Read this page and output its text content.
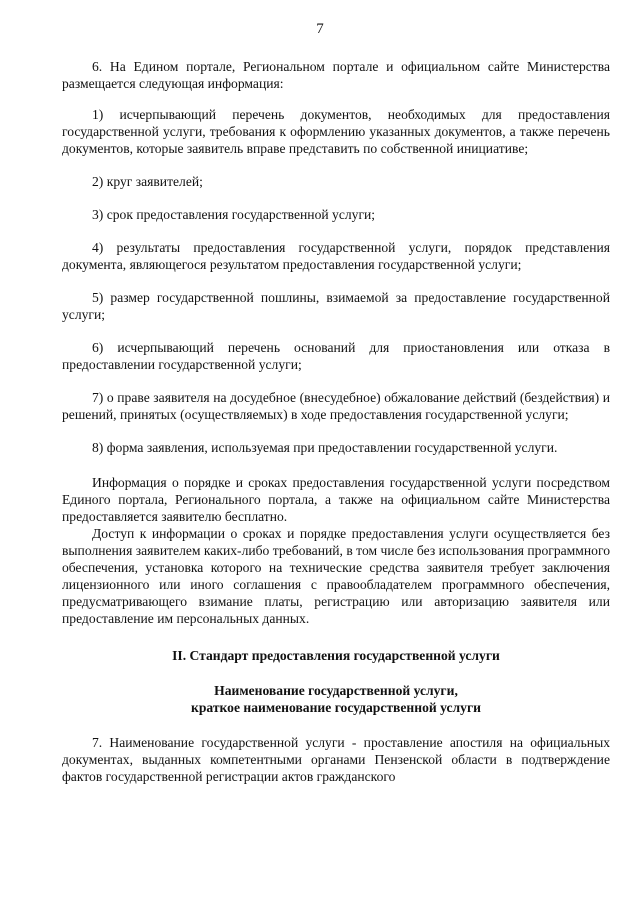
7

6. На Едином портале, Региональном портале и официальном сайте Министерства размещается следующая информация:

1) исчерпывающий перечень документов, необходимых для предоставления государственной услуги, требования к оформлению указанных документов, а также перечень документов, которые заявитель вправе представить по собственной инициативе;

2) круг заявителей;

3) срок предоставления государственной услуги;

4) результаты предоставления государственной услуги, порядок представления документа, являющегося результатом предоставления государственной услуги;

5) размер государственной пошлины, взимаемой за предоставление государственной услуги;

6) исчерпывающий перечень оснований для приостановления или отказа в предоставлении государственной услуги;

7) о праве заявителя на досудебное (внесудебное) обжалование действий (бездействия) и решений, принятых (осуществляемых) в ходе предоставления государственной услуги;

8) форма заявления, используемая при предоставлении государственной услуги.

Информация о порядке и сроках предоставления государственной услуги посредством Единого портала, Регионального портала, а также на официальном сайте Министерства предоставляется заявителю бесплатно.

Доступ к информации о сроках и порядке предоставления услуги осуществляется без выполнения заявителем каких-либо требований, в том числе без использования программного обеспечения, установка которого на технические средства заявителя требует заключения лицензионного или иного соглашения с правообладателем программного обеспечения, предусматривающего взимание платы, регистрацию или авторизацию заявителя или предоставление им персональных данных.

II. Стандарт предоставления государственной услуги

Наименование государственной услуги,
краткое наименование государственной услуги

7. Наименование государственной услуги - проставление апостиля на официальных документах, выданных компетентными органами Пензенской области в подтверждение фактов государственной регистрации актов гражданского
